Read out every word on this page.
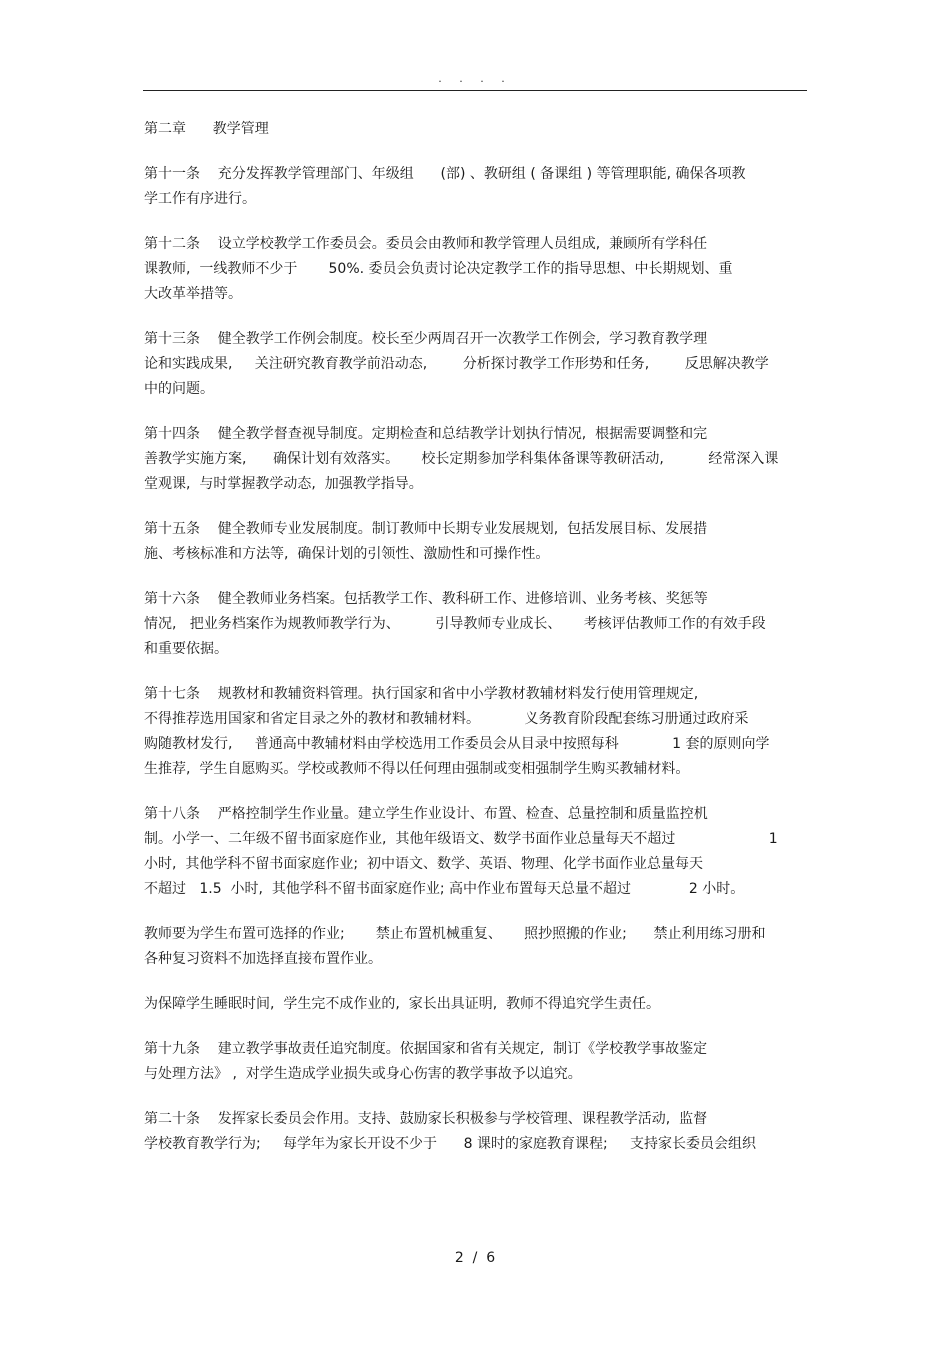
. . . .
第二章      教学管理
第十一条    充分发挥教学管理部门、年级组      (部) 、教研组 ( 备课组 ) 等管理职能, 确保各项教
学工作有序进行。
第十二条    设立学校教学工作委员会。委员会由教师和教学管理人员组成,  兼顾所有学科任
课教师,  一线教师不少于       50%. 委员会负责讨论决定教学工作的指导思想、中长期规划、重
大改革举措等。
第十三条    健全教学工作例会制度。校长至少两周召开一次教学工作例会,  学习教育教学理
论和实践成果,     关注研究教育教学前沿动态,        分析探讨教学工作形势和任务,        反思解决教学
中的问题。
第十四条    健全教学督查视导制度。定期检查和总结教学计划执行情况,  根据需要调整和完
善教学实施方案,      确保计划有效落实。     校长定期参加学科集体备课等教研活动,          经常深入课
堂观课,  与时掌握教学动态,  加强教学指导。
第十五条    健全教师专业发展制度。制订教师中长期专业发展规划,  包括发展目标、发展措
施、考核标准和方法等,  确保计划的引领性、激励性和可操作性。
第十六条    健全教师业务档案。包括教学工作、教科研工作、进修培训、业务考核、奖惩等
情况,   把业务档案作为规教师教学行为、        引导教师专业成长、     考核评估教师工作的有效手段
和重要依据。
第十七条    规教材和教辅资料管理。执行国家和省中小学教材教辅材料发行使用管理规定,
不得推荐选用国家和省定目录之外的教材和教辅材料。          义务教育阶段配套练习册通过政府采
购随教材发行,     普通高中教辅材料由学校选用工作委员会从目录中按照每科            1 套的原则向学
生推荐,  学生自愿购买。学校或教师不得以任何理由强制或变相强制学生购买教辅材料。
第十八条    严格控制学生作业量。建立学生作业设计、布置、检查、总量控制和质量监控机
制。小学一、二年级不留书面家庭作业,  其他年级语文、数学书面作业总量每天不超过                     1
小时,  其他学科不留书面家庭作业;  初中语文、数学、英语、物理、化学书面作业总量每天
不超过   1.5  小时,  其他学科不留书面家庭作业; 高中作业布置每天总量不超过             2 小时。
教师要为学生布置可选择的作业;       禁止布置机械重复、     照抄照搬的作业;      禁止利用练习册和
各种复习资料不加选择直接布置作业。
为保障学生睡眠时间,  学生完不成作业的,  家长出具证明,  教师不得追究学生责任。
第十九条    建立教学事故责任追究制度。依据国家和省有关规定,  制订《学校教学事故鉴定
与处理方法》 ,  对学生造成学业损失或身心伤害的教学事故予以追究。
第二十条    发挥家长委员会作用。支持、鼓励家长积极参与学校管理、课程教学活动,  监督
学校教育教学行为;     每学年为家长开设不少于      8 课时的家庭教育课程;     支持家长委员会组织
2  /  6
